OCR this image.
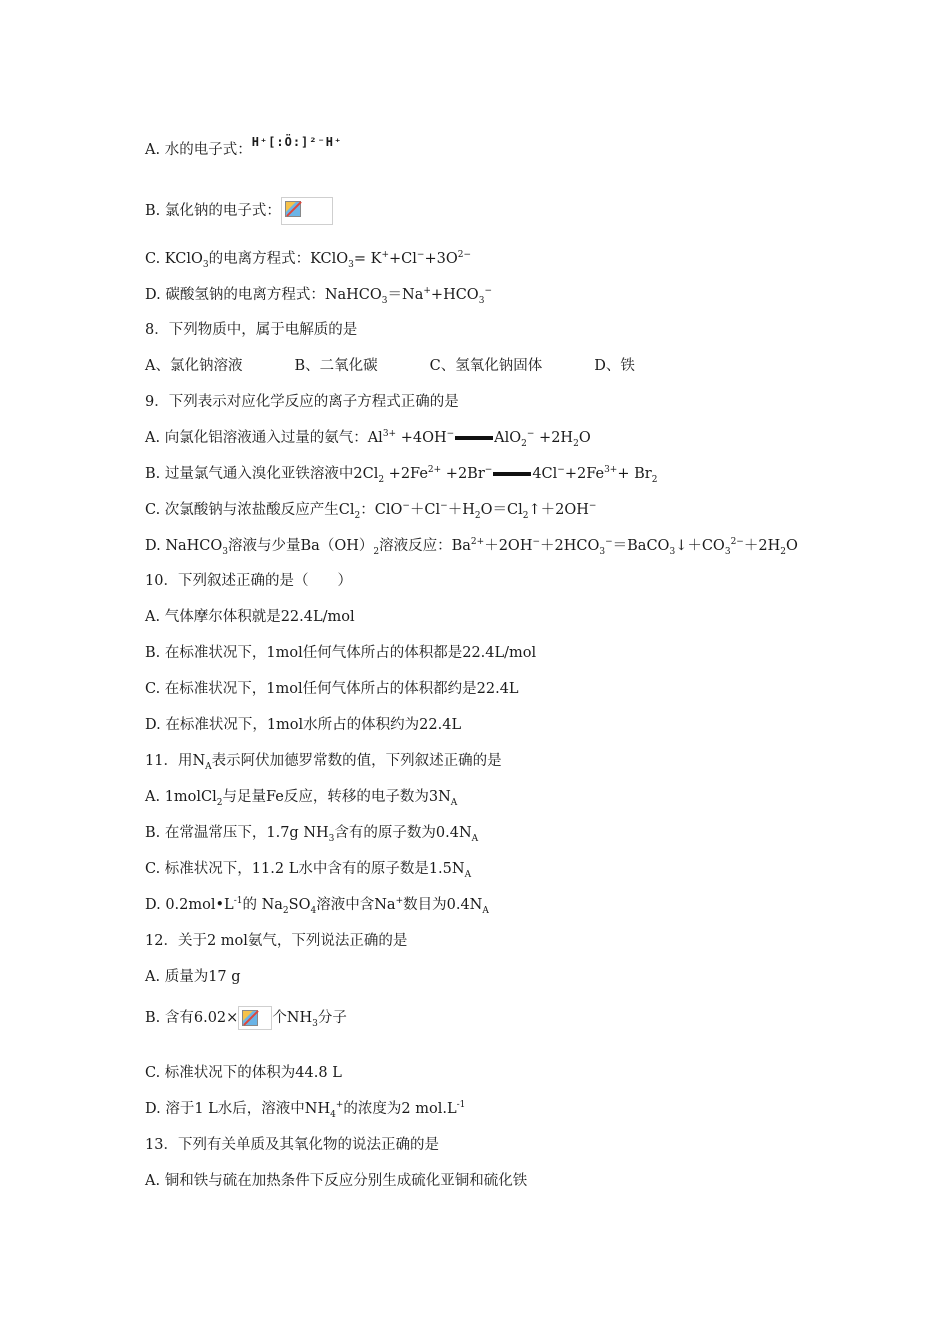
A. 水的电子式：H⁺[:Ö:]²⁻H⁺
B. 氯化钠的电子式：
C. KClO$_3$的电离方程式：KClO$_3$= $K^++Cl^-+3O^{2-}$
D. 碳酸氢钠的电离方程式：$NaHCO_3=Na^++HCO_3^-$
8．下列物质中，属于电解质的是
A、氯化钠溶液	B、二氧化碳	C、氢氧化钠固体	D、铁
9．下列表示对应化学反应的离子方程式正确的是
A. 向氯化铝溶液通入过量的氨气：$Al^{3+} +4OH^-$	$AlO_2^- +2H_2O$
B. 过量氯气通入溴化亚铁溶液中$2Cl_2 +2Fe^{2+} +2Br^-$	$4Cl^-+2Fe^{3+}+ Br_2$
C. 次氯酸钠与浓盐酸反应产生$Cl_2$：$ClO^-+Cl^-+H_2O=Cl_2↑+2OH^-$
D. NaHCO$_3$溶液与少量$Ba(OH)_2$溶液反应：$Ba^{2+}+2OH^-+2HCO_3^-=BaCO_3↓+CO_3^{2-}+2H_2O$
10．下列叙述正确的是（　　）
A. 气体摩尔体积就是22.4L/mol
B. 在标准状况下，1mol任何气体所占的体积都是22.4L/mol
C. 在标准状况下，1mol任何气体所占的体积都约是22.4L
D. 在标准状况下，1mol水所占的体积约为22.4L
11．用$N_A$表示阿伏加德罗常数的值，下列叙述正确的是
A. 1molCl$_2$与足量Fe反应，转移的电子数为$3N_A$
B. 在常温常压下，1.7g $NH_3$含有的原子数为$0.4N_A$
C. 标准状况下，11.2 L水中含有的原子数是$1.5N_A$
D. $0.2mol•L^{-1}$的 $Na_2SO_4$溶液中含Na+数目为$0.4N_A$
12．关于2 mol氨气，下列说法正确的是
A. 质量为17 g
B. 含有6.02× 个$NH_3$分子
C. 标准状况下的体积为44.8 L
D. 溶于1 L水后，溶液中$NH_4^+$的浓度为2 $mol.L^{-1}$
13．下列有关单质及其氧化物的说法正确的是
A. 铜和铁与硫在加热条件下反应分别生成硫化亚铜和硫化铁
